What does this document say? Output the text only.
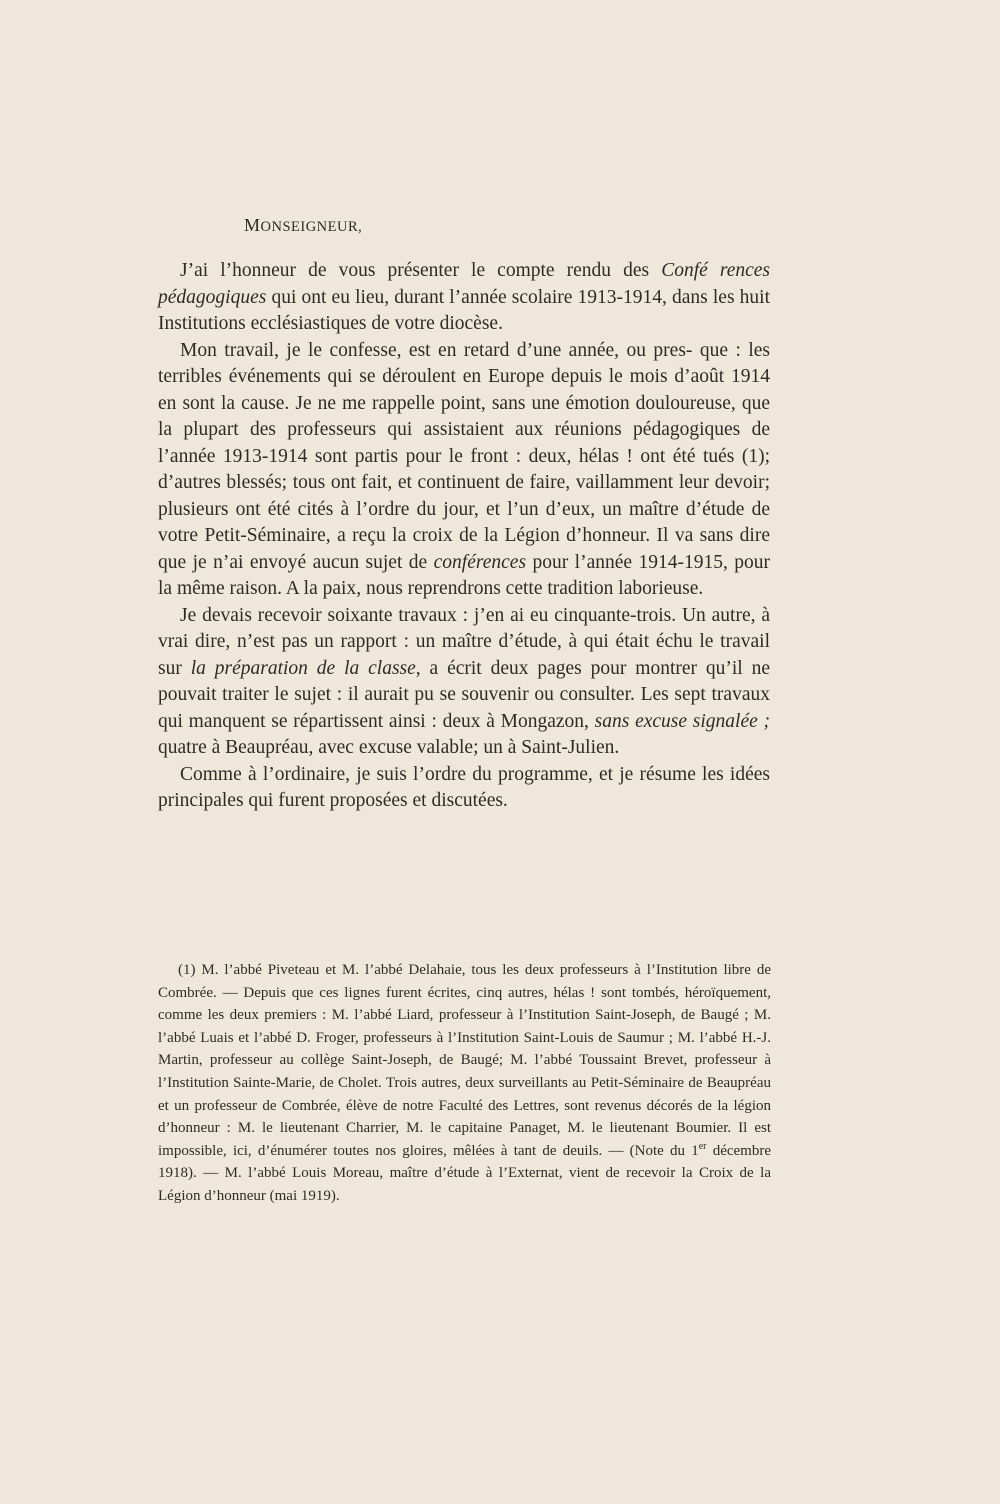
MONSEIGNEUR,

J’ai l’honneur de vous présenter le compte rendu des Confé rences pédagogiques qui ont eu lieu, durant l’année scolaire 1913-1914, dans les huit Institutions ecclésiastiques de votre diocèse.

Mon travail, je le confesse, est en retard d’une année, ou pres- que : les terribles événements qui se déroulent en Europe depuis le mois d’août 1914 en sont la cause. Je ne me rappelle point, sans une émotion douloureuse, que la plupart des professeurs qui assistaient aux réunions pédagogiques de l’année 1913-1914 sont partis pour le front : deux, hélas ! ont été tués (1); d’autres blessés; tous ont fait, et continuent de faire, vaillamment leur devoir; plusieurs ont été cités à l’ordre du jour, et l’un d’eux, un maître d’étude de votre Petit-Séminaire, a reçu la croix de la Légion d’honneur. Il va sans dire que je n’ai envoyé aucun sujet de conférences pour l’année 1914-1915, pour la même raison. A la paix, nous reprendrons cette tradition laborieuse.

Je devais recevoir soixante travaux : j’en ai eu cinquante-trois. Un autre, à vrai dire, n’est pas un rapport : un maître d’étude, à qui était échu le travail sur la préparation de la classe, a écrit deux pages pour montrer qu’il ne pouvait traiter le sujet : il aurait pu se souvenir ou consulter. Les sept travaux qui manquent se répartissent ainsi : deux à Mongazon, sans excuse signalée ; quatre à Beaupréau, avec excuse valable; un à Saint-Julien.

Comme à l’ordinaire, je suis l’ordre du programme, et je résume les idées principales qui furent proposées et discutées.

(1) M. l’abbé Piveteau et M. l’abbé Delahaie, tous les deux professeurs à l’Institution libre de Combrée. — Depuis que ces lignes furent écrites, cinq autres, hélas ! sont tombés, héroïquement, comme les deux premiers : M. l’abbé Liard, professeur à l’Institution Saint-Joseph, de Baugé ; M. l’abbé Luais et l’abbé D. Froger, professeurs à l’Institution Saint-Louis de Saumur ; M. l’abbé H.-J. Martin, professeur au collège Saint-Joseph, de Baugé; M. l’abbé Toussaint Brevet, professeur à l’Institution Sainte-Marie, de Cholet. Trois autres, deux surveillants au Petit-Séminaire de Beaupréau et un professeur de Combrée, élève de notre Faculté des Lettres, sont revenus décorés de la légion d’honneur : M. le lieutenant Charrier, M. le capitaine Panaget, M. le lieutenant Boumier. Il est impossible, ici, d’énumérer toutes nos gloires, mêlées à tant de deuils. — (Note du 1er décembre 1918). — M. l’abbé Louis Moreau, maître d’étude à l’Externat, vient de recevoir la Croix de la Légion d’honneur (mai 1919).
